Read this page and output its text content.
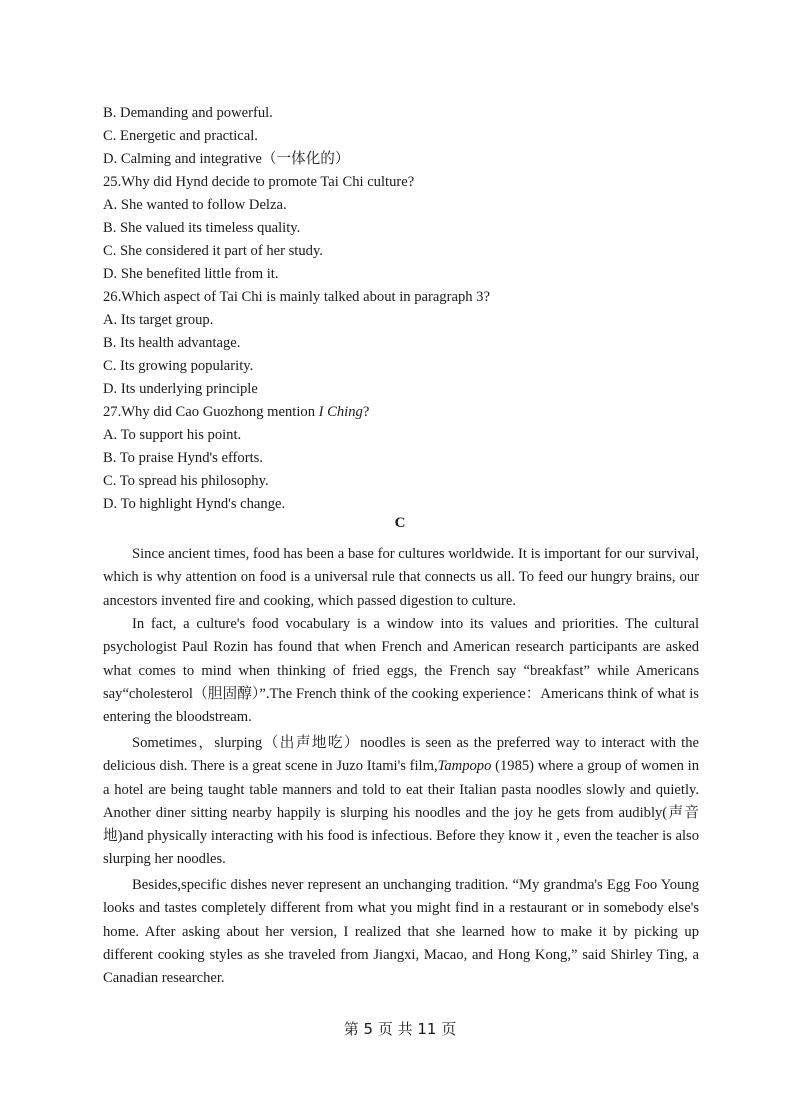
B. Demanding and powerful.

C. Energetic and practical.

D. Calming and integrative（一体化的）

25.Why did Hynd decide to promote Tai Chi culture?

A. She wanted to follow Delza.

B. She valued its timeless quality.

C. She considered it part of her study.

D. She benefited little from it.

26.Which aspect of Tai Chi is mainly talked about in paragraph 3?

A. Its target group.

B. Its health advantage.

C. Its growing popularity.

D. Its underlying principle

27.Why did Cao Guozhong mention I Ching?

A. To support his point.

B. To praise Hynd's efforts.

C. To spread his philosophy.

D. To highlight Hynd's change.

C

Since ancient times, food has been a base for cultures worldwide. It is important for our survival, which is why attention on food is a universal rule that connects us all. To feed our hungry brains, our ancestors invented fire and cooking, which passed digestion to culture.

In fact, a culture's food vocabulary is a window into its values and priorities. The cultural psychologist Paul Rozin has found that when French and American research participants are asked what comes to mind when thinking of fried eggs, the French say “breakfast” while Americans say“cholesterol（胆固醇）”.The French think of the cooking experience：Americans think of what is entering the bloodstream.

Sometimes，slurping（出声地吃）noodles is seen as the preferred way to interact with the delicious dish. There is a great scene in Juzo Itami's film,Tampopo (1985) where a group of women in a hotel are being taught table manners and told to eat their Italian pasta noodles slowly and quietly. Another diner sitting nearby happily is slurping his noodles and the joy he gets from audibly(声音地)and physically interacting with his food is infectious. Before they know it , even the teacher is also slurping her noodles.

Besides,specific dishes never represent an unchanging tradition. “My grandma's Egg Foo Young looks and tastes completely different from what you might find in a restaurant or in somebody else's home. After asking about her version, I realized that she learned how to make it by picking up different cooking styles as she traveled from Jiangxi, Macao, and Hong Kong,” said Shirley Ting, a Canadian researcher.

第 5 页 共 11 页
